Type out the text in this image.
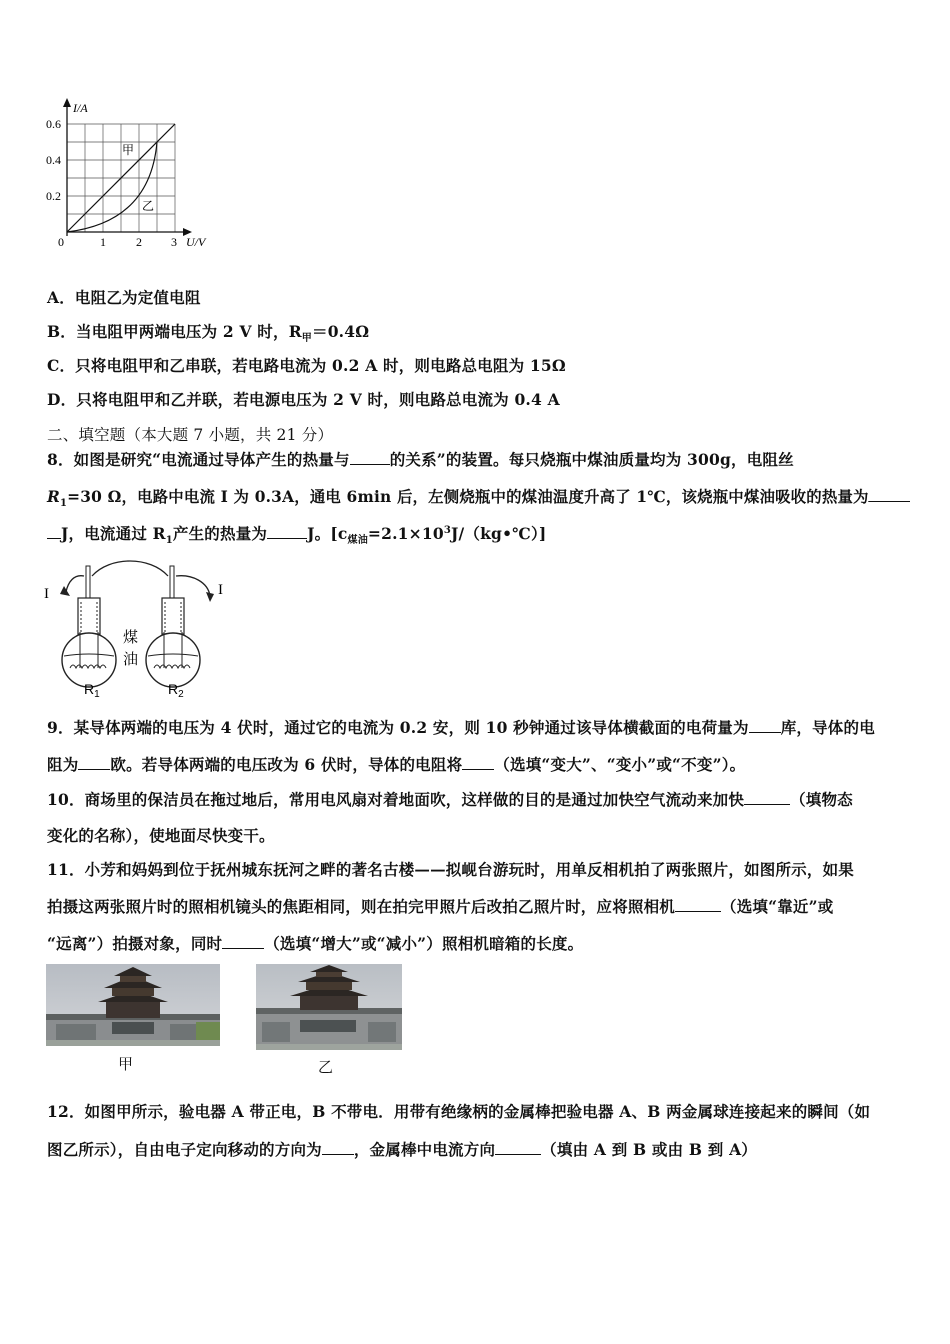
I/A
U/V
0.6
0.4
0.2
0	1	2 3
甲
乙
A．电阻乙为定值电阻
B．当电阻甲两端电压为 2 V 时，$R_甲=0.4\Omega$
C．只将电阻甲和乙串联，若电路电流为 0.2 A 时，则电路总电阻为 15Ω
D．只将电阻甲和乙并联，若电源电压为 2 V 时，则电路总电流为 0.4 A
二、填空题（本大题 7 小题，共 21 分）
8．如图是研究“电流通过导体产生的热量与	的关系”的装置。每只烧瓶中煤油质量均为 300g，电阻丝
$R_1=30$ Ω，电路中电流 I 为 0.3A，通电 6min 后，左侧烧瓶中的煤油温度升高了 1℃，该烧瓶中煤油吸收的热量为
J，电流通过 $R_1$产生的热量为	J。$[c_{煤油}=2.1\times 10^3J/(kg•℃)]$
I	I
煤
油
$R_1$	$R_2$
9．某导体两端的电压为 4 伏时，通过它的电流为 0.2 安，则 10 秒钟通过该导体横截面的电荷量为 库，导体的电
阻为 欧。若导体两端的电压改为 6 伏时，导体的电阻将 （选填“变大”、“变小”或“不变”）。
10．商场里的保洁员在拖过地后，常用电风扇对着地面吹，这样做的目的是通过加快空气流动来加快	（填物态
变化的名称），使地面尽快变干。
11．小芳和妈妈到位于抚州城东抚河之畔的著名古楼——拟岘台游玩时，用单反相机拍了两张照片，如图所示，如果
拍摄这两张照片时的照相机镜头的焦距相同，则在拍完甲照片后改拍乙照片时，应将照相机	（选填“靠近”或
“远离”）拍摄对象，同时	（选填“增大”或“减小”）照相机暗箱的长度。
甲	乙
12．如图甲所示，验电器 A 带正电，B 不带电．用带有绝缘柄的金属棒把验电器 A、B 两金属球连接起来的瞬间（如
图乙所示），自由电子定向移动的方向为 ，金属棒中电流方向	（填由 A 到 B 或由 B 到 A）
